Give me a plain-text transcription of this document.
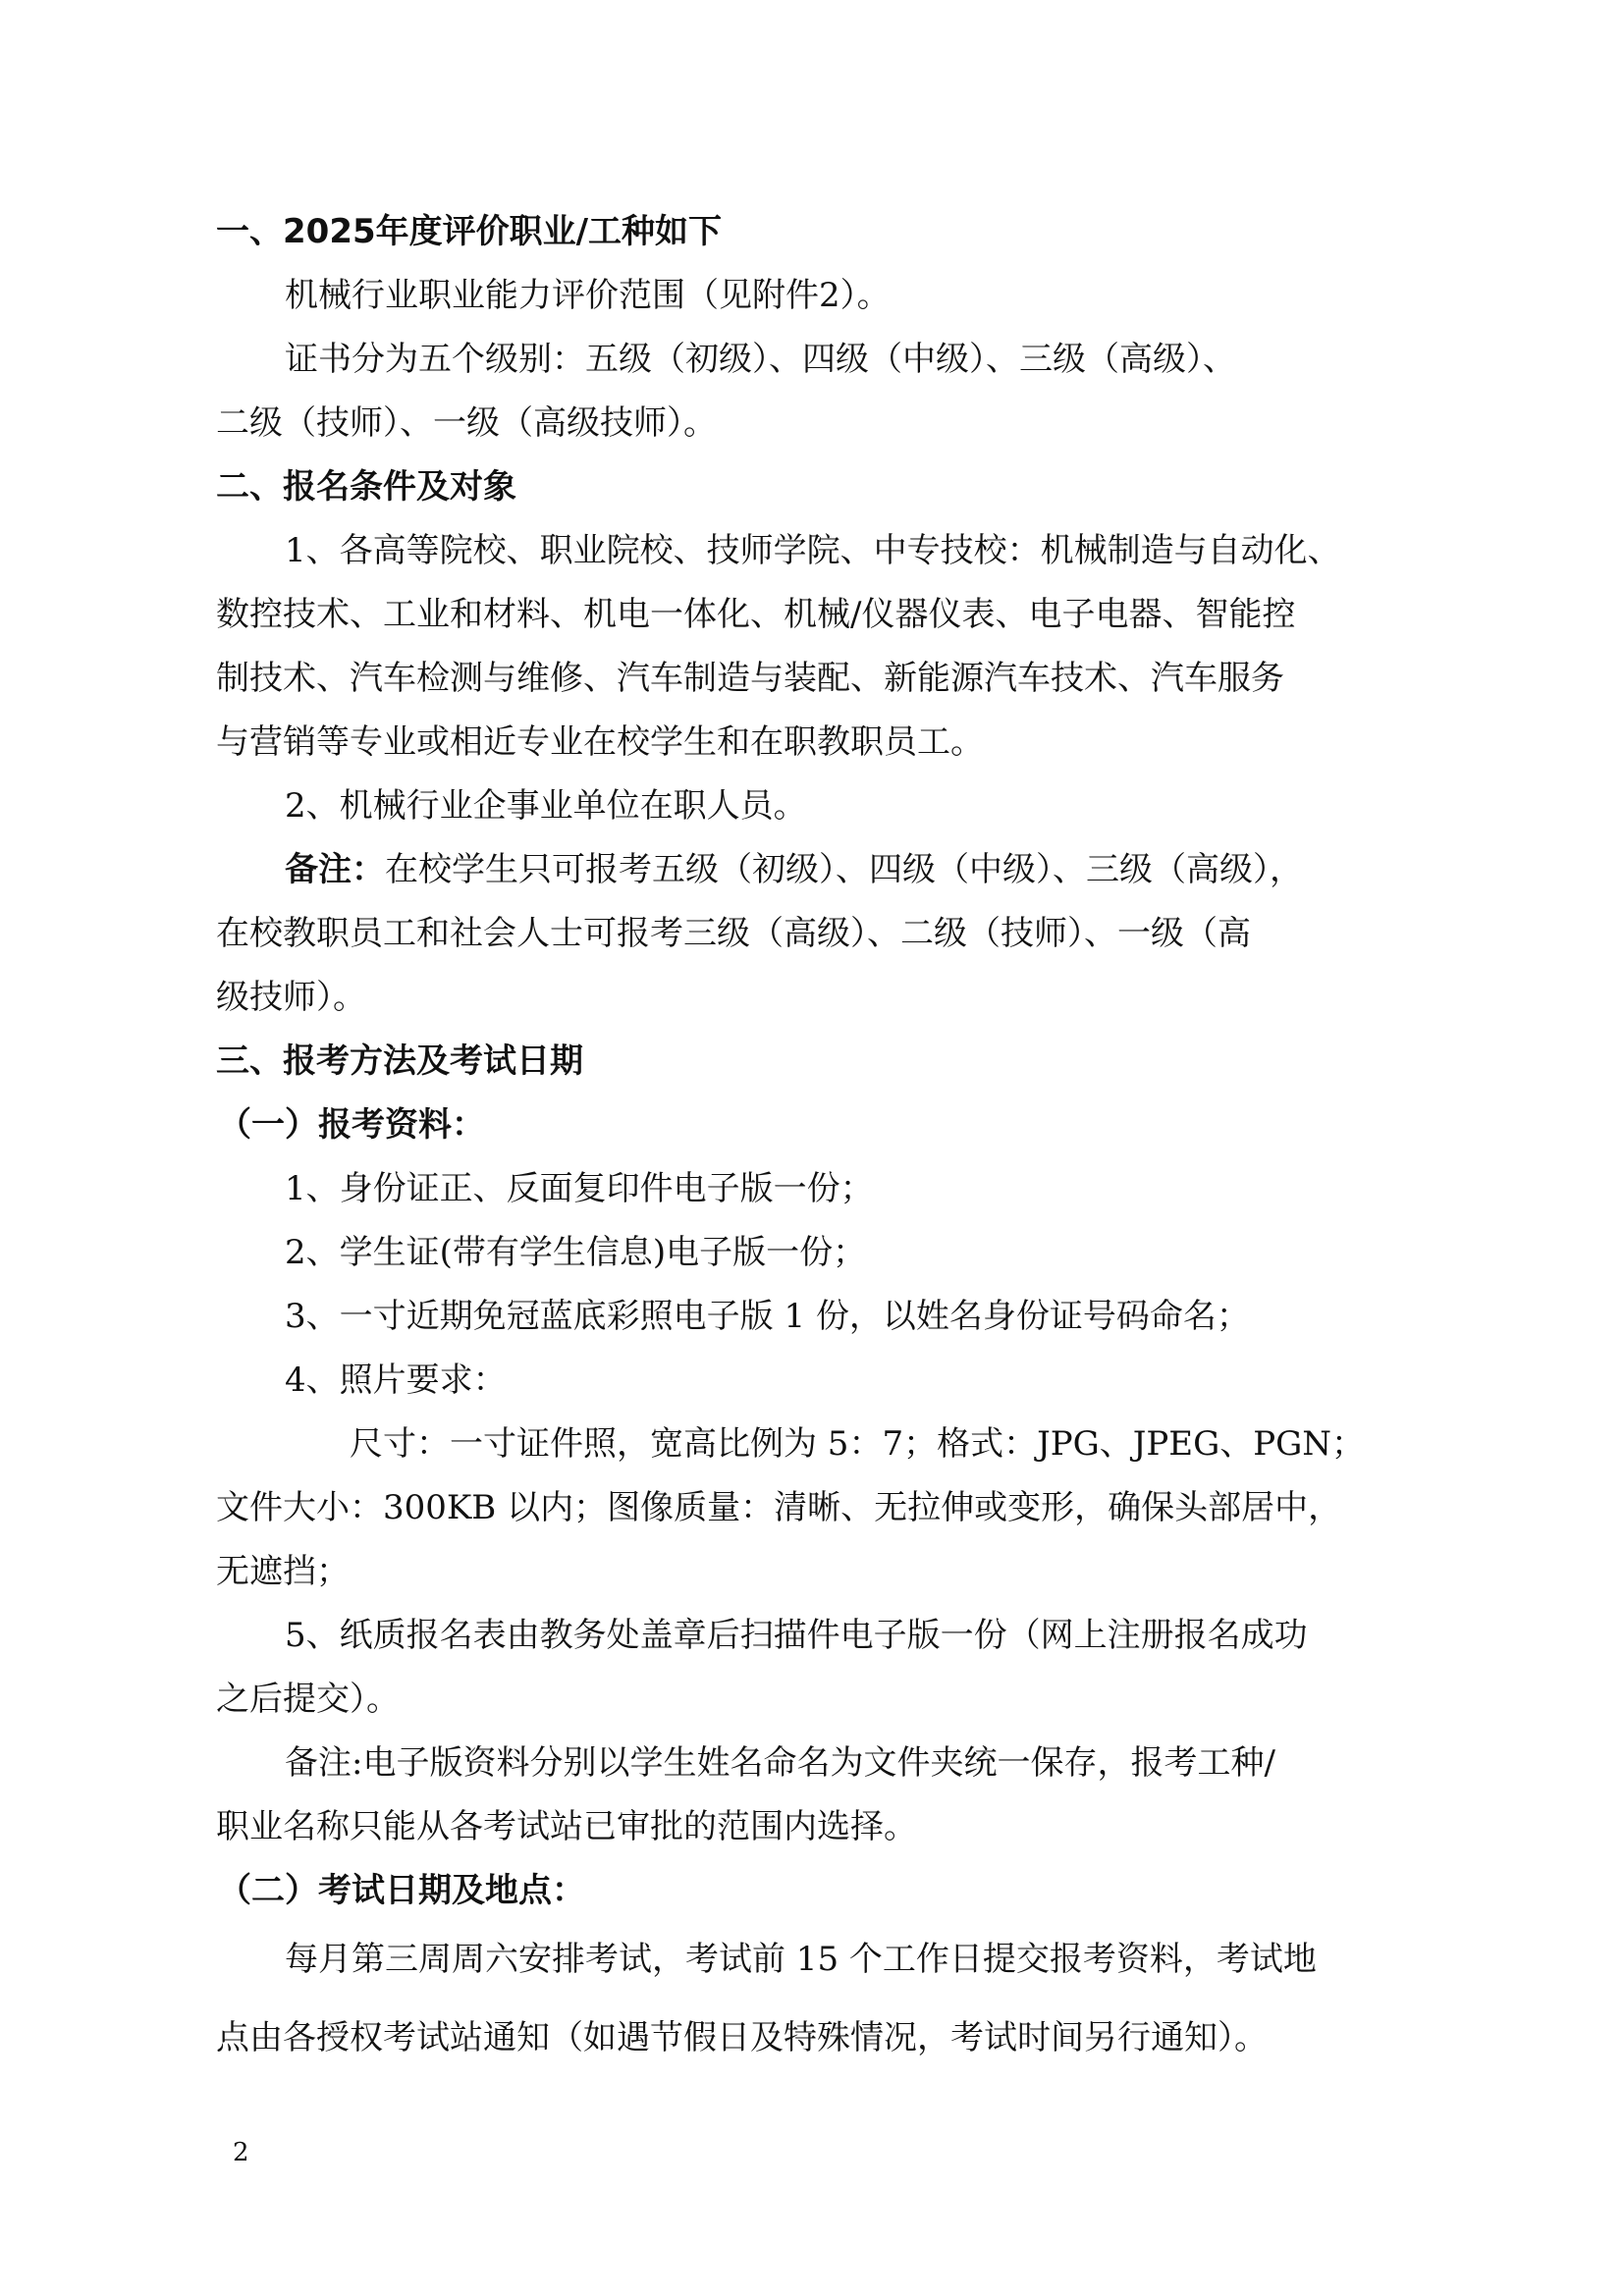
一、2025年度评价职业/工种如下
机械行业职业能力评价范围（见附件2）。
证书分为五个级别：五级（初级）、四级（中级）、三级（高级）、
二级（技师）、一级（高级技师）。
二、报名条件及对象
1、各高等院校、职业院校、技师学院、中专技校：机械制造与自动化、
数控技术、工业和材料、机电一体化、机械/仪器仪表、电子电器、智能控
制技术、汽车检测与维修、汽车制造与装配、新能源汽车技术、汽车服务
与营销等专业或相近专业在校学生和在职教职员工。
2、机械行业企事业单位在职人员。
备注：在校学生只可报考五级（初级）、四级（中级）、三级（高级），
在校教职员工和社会人士可报考三级（高级）、二级（技师）、一级（高
级技师）。
三、报考方法及考试日期
（一）报考资料：
1、身份证正、反面复印件电子版一份；
2、学生证(带有学生信息)电子版一份；
3、一寸近期免冠蓝底彩照电子版 1 份，以姓名身份证号码命名；
4、照片要求：
尺寸：一寸证件照，宽高比例为 5：7；格式：JPG、JPEG、PGN；
文件大小：300KB 以内；图像质量：清晰、无拉伸或变形，确保头部居中，
无遮挡；
5、纸质报名表由教务处盖章后扫描件电子版一份（网上注册报名成功
之后提交）。
备注:电子版资料分别以学生姓名命名为文件夹统一保存，报考工种/
职业名称只能从各考试站已审批的范围内选择。
（二）考试日期及地点：
每月第三周周六安排考试，考试前 15 个工作日提交报考资料，考试地
点由各授权考试站通知（如遇节假日及特殊情况，考试时间另行通知）。
2
